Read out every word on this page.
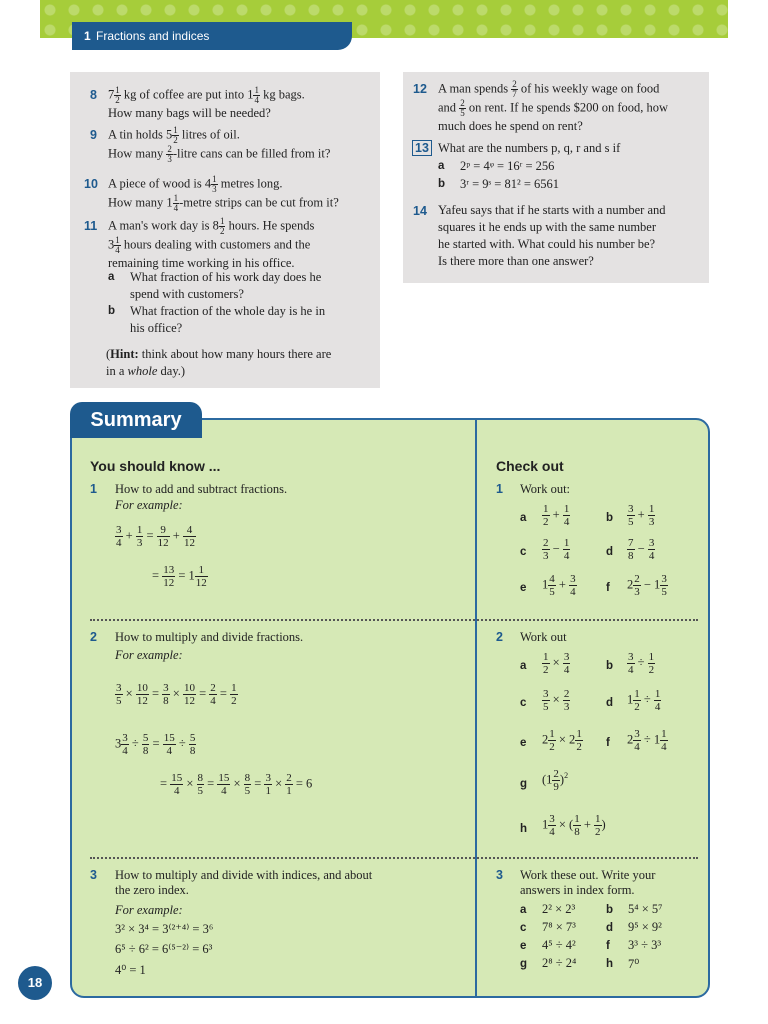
1 Fractions and indices
8 $7 \frac{1}{2}$ kg of coffee are put into $1 \frac{1}{4}$ kg bags.
How many bags will be needed?
9 A tin holds $5 \frac{1}{2}$ litres of oil.
How many $\frac{2}{3}$ -litre cans can be filled from it?
10 A piece of wood is $4 \frac{1}{3}$ metres long.
How many $1 \frac{1}{4}$ -metre strips can be cut from it?
11 A man's work day is $8 \frac{1}{2}$ hours. He spends
$3 \frac{1}{4}$ hours dealing with customers and the
remaining time working in his office.
a What fraction of his work day does he
spend with customers?
b What fraction of the whole day is he in
his office?
(Hint: think about how many hours there are
in a whole day.)
12 A man spends $\frac{2}{7}$ of his weekly wage on food
and $\frac{2}{5}$ on rent. If he spends $200 on food, how
much does he spend on rent?
13 What are the numbers p, q, r and s if
a 2ᵖ = 4ᵠ = 16ʳ = 256
b 3ʳ = 9ˢ = 81² = 6561
14 Yafeu says that if he starts with a number and
squares it he ends up with the same number
he started with. What could his number be?
Is there more than one answer?
Summary
You should know ...	Check out
1 How to add and subtract fractions.
For example:
$\frac{3}{4} + \frac{1}{3} = \frac{9}{12} + \frac{4}{12}$
= $\frac{13}{12} = 1 \frac{1}{12}$
1 Work out:
a $\frac{1}{2} + \frac{1}{4}$	b $\frac{3}{5} + \frac{1}{3}$
c $\frac{2}{3} - \frac{1}{4}$	d $\frac{7}{8} - \frac{3}{4}$
e $1 \frac{4}{5} + \frac{3}{4}$	f $2 \frac{2}{3} - 1 \frac{3}{5}$
2 How to multiply and divide fractions.
For example:
$\frac{3}{5} \times \frac{10}{12} = \frac{3}{8} \times \frac{10}{12} = \frac{2}{4} = \frac{1}{2}$
$3 \frac{3}{4} \div \frac{5}{8} = \frac{15}{4} \div \frac{5}{8}$
= $\frac{15}{4} \times \frac{8}{5} = \frac{15}{4} \times \frac{8}{5} = \frac{3}{1} \times \frac{2}{1} = 6$
2 Work out
a $\frac{1}{2} \times \frac{3}{4}$	b $\frac{3}{4} \div \frac{1}{2}$
c $\frac{3}{5} \times \frac{2}{3}$	d $1 \frac{1}{2} \div \frac{1}{4}$
e $2 \frac{1}{2} \times 2 \frac{1}{2}$ f $2 \frac{3}{4} \div 1 \frac{1}{4}$
g $(1 \frac{2}{9} )^2$
h $1 \frac{3}{4}$ × ( $\frac{1}{8} + \frac{1}{2}$ )
3 How to multiply and divide with indices, and about
the zero index.
For example:
3² × 3⁴ = 3⁽²⁺⁴⁾ = 3⁶
6⁵ ÷ 6² = 6⁽⁵⁻²⁾ = 6³
4⁰ = 1
3 Work these out. Write your
answers in index form.
a 2² × 2³	b 5⁴ × 5⁷
c 7⁸ × 7³	d 9⁵ × 9²
e 4⁵ ÷ 4²	f 3³ ÷ 3³
g 2⁸ ÷ 2⁴	h 7⁰
18
